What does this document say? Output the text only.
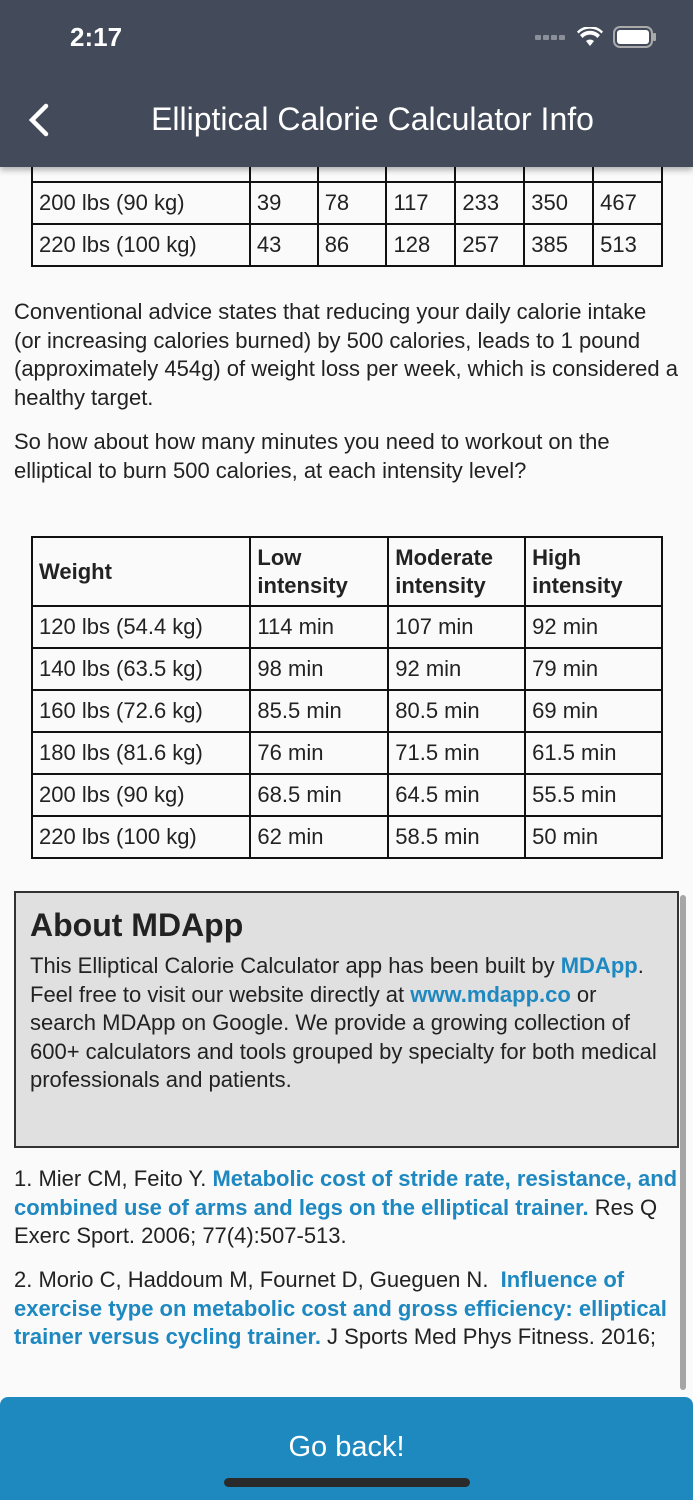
2:17
Elliptical Calorie Calculator Info

200 lbs (90 kg)	39	78	117	233	350	467
220 lbs (100 kg)	43	86	128	257	385	513

Conventional advice states that reducing your daily calorie intake (or increasing calories burned) by 500 calories, leads to 1 pound (approximately 454g) of weight loss per week, which is considered a healthy target.

So how about how many minutes you need to workout on the elliptical to burn 500 calories, at each intensity level?

Weight	Low intensity	Moderate intensity	High intensity
120 lbs (54.4 kg)	114 min	107 min	92 min
140 lbs (63.5 kg)	98 min	92 min	79 min
160 lbs (72.6 kg)	85.5 min	80.5 min	69 min
180 lbs (81.6 kg)	76 min	71.5 min	61.5 min
200 lbs (90 kg)	68.5 min	64.5 min	55.5 min
220 lbs (100 kg)	62 min	58.5 min	50 min
About MDApp

This Elliptical Calorie Calculator app has been built by MDApp. Feel free to visit our website directly at www.mdapp.co or search MDApp on Google. We provide a growing collection of 600+ calculators and tools grouped by specialty for both medical professionals and patients.

1. Mier CM, Feito Y. Metabolic cost of stride rate, resistance, and combined use of arms and legs on the elliptical trainer. Res Q Exerc Sport. 2006; 77(4):507-513.

2. Morio C, Haddoum M, Fournet D, Gueguen N.  Influence of exercise type on metabolic cost and gross efficiency: elliptical trainer versus cycling trainer. J Sports Med Phys Fitness. 2016;

Go back!
